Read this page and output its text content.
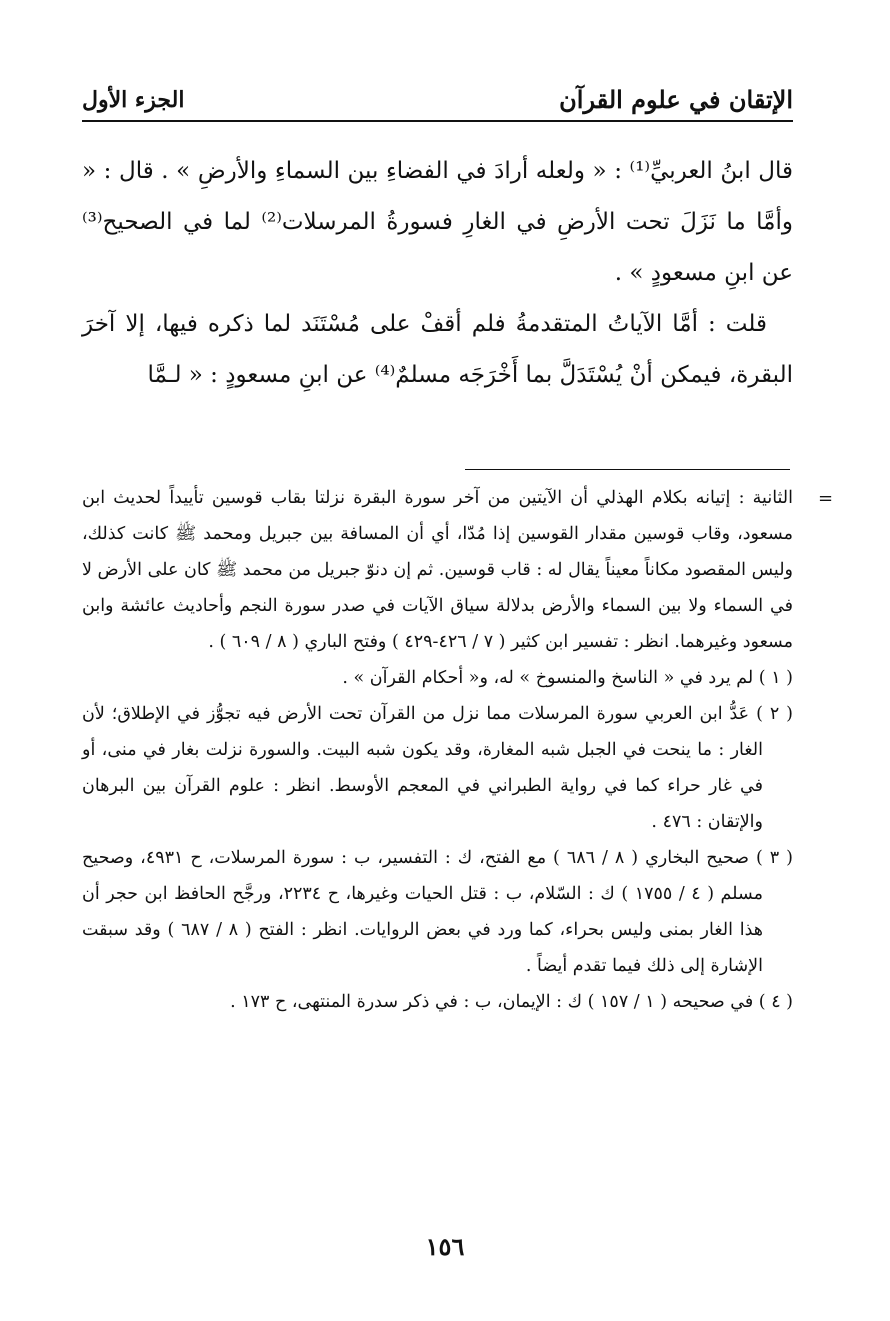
الإتقان في علوم القرآن
الجزء الأول

قال ابنُ العربيِّ⁽¹⁾ : « ولعله أرادَ في الفضاءِ بين السماءِ والأرضِ » . قال : « وأمَّا ما نَزَلَ تحت الأرضِ في الغارِ فسورةُ المرسلات⁽²⁾ لما في الصحيح⁽³⁾ عن ابنِ مسعودٍ » .

قلت : أمَّا الآياتُ المتقدمةُ فلم أقفْ على مُسْتَنَد لما ذكره فيها، إلا آخرَ البقرة، فيمكن أنْ يُسْتَدَلَّ بما أَخْرَجَه مسلمٌ⁽⁴⁾ عن ابنِ مسعودٍ : « لـمَّا

=

الثانية : إتيانه بكلام الهذلي أن الآيتين من آخر سورة البقرة نزلتا بقاب قوسين تأييداً لحديث ابن مسعود، وقاب قوسين مقدار القوسين إذا مُدّا، أي أن المسافة بين جبريل ومحمد ﷺ كانت كذلك، وليس المقصود مكاناً معيناً يقال له : قاب قوسين. ثم إن دنوّ جبريل من محمد ﷺ كان على الأرض لا في السماء ولا بين السماء والأرض بدلالة سياق الآيات في صدر سورة النجم وأحاديث عائشة وابن مسعود وغيرهما. انظر : تفسير ابن كثير ( ٧ / ٤٢٦-٤٢٩ ) وفتح الباري ( ٨ / ٦٠٩ ) .

( ١ ) لم يرد في « الناسخ والمنسوخ » له، و« أحكام القرآن » .

( ٢ ) عَدُّ ابن العربي سورة المرسلات مما نزل من القرآن تحت الأرض فيه تجوُّز في الإطلاق؛ لأن الغار : ما ينحت في الجبل شبه المغارة، وقد يكون شبه البيت. والسورة نزلت بغار في منى، أو في غار حراء كما في رواية الطبراني في المعجم الأوسط. انظر : علوم القرآن بين البرهان والإتقان : ٤٧٦ .

( ٣ ) صحيح البخاري ( ٨ / ٦٨٦ ) مع الفتح، ك : التفسير، ب : سورة المرسلات، ح ٤٩٣١، وصحيح مسلم ( ٤ / ١٧٥٥ ) ك : السّلام، ب : قتل الحيات وغيرها، ح ٢٢٣٤، ورجَّح الحافظ ابن حجر أن هذا الغار بمنى وليس بحراء، كما ورد في بعض الروايات. انظر : الفتح ( ٨ / ٦٨٧ ) وقد سبقت الإشارة إلى ذلك فيما تقدم أيضاً .

( ٤ ) في صحيحه ( ١ / ١٥٧ ) ك : الإيمان، ب : في ذكر سدرة المنتهى، ح ١٧٣ .

١٥٦
